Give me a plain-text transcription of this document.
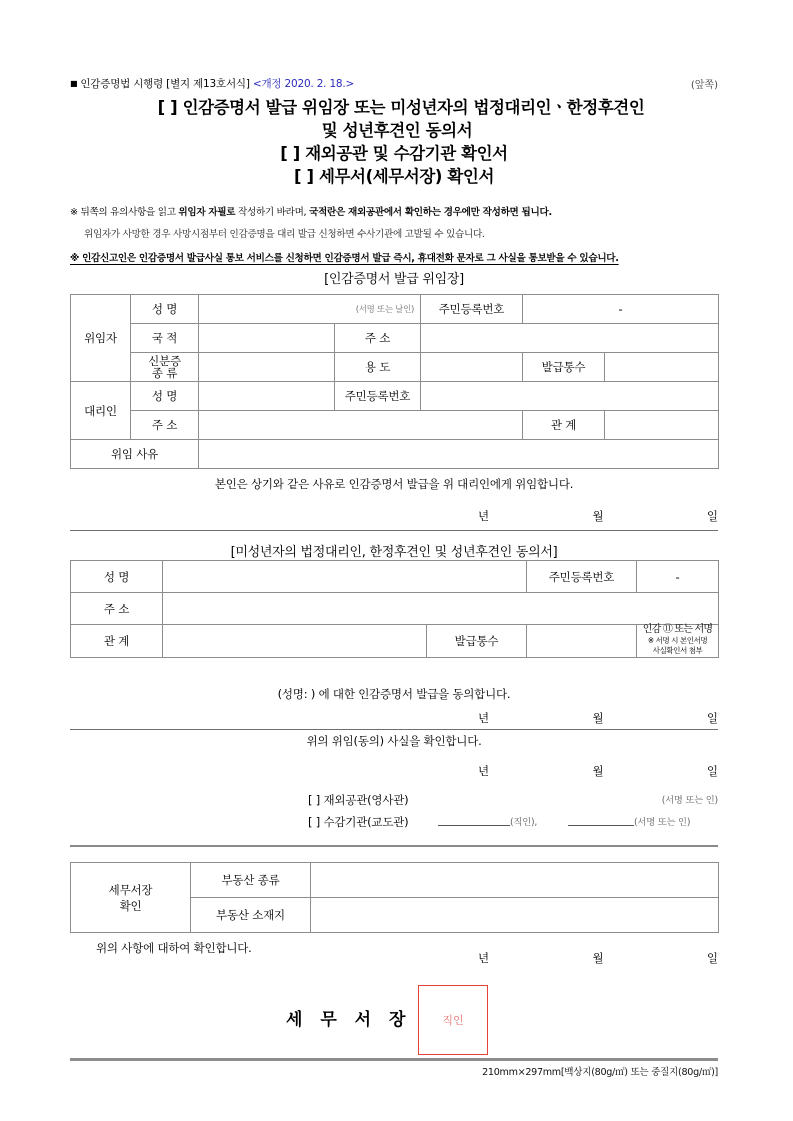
■ 인감증명법 시행령 [별지 제13호서식] <개정 2020. 2. 18.>	(앞쪽)
[ ] 인감증명서 발급 위임장 또는 미성년자의 법정대리인ㆍ한정후견인
및 성년후견인 동의서
[ ] 재외공관 및 수감기관 확인서
[ ] 세무서(세무서장) 확인서
※ 뒤쪽의 유의사항을 읽고 위임자 자필로 작성하기 바라며, 국적란은 재외공관에서 확인하는 경우에만 작성하면 됩니다.
위임자가 사망한 경우 사망시점부터 인감증명을 대리 발급 신청하면 수사기관에 고발될 수 있습니다.
※ 인감신고인은 인감증명서 발급사실 통보 서비스를 신청하면 인감증명서 발급 즉시, 휴대전화 문자로 그 사실을 통보받을 수 있습니다.
[인감증명서 발급 위임장]
위임자	성 명	(서명 또는 날인)		주민등록번호	-	
	국 적		주 소			
	신분증
종 류		용 도		발급통수	
대리인	성 명		주민등록번호			
	주 소				관 계	
위임 사유						
본인은 상기와 같은 사유로 인감증명서 발급을 위 대리인에게 위임합니다.
년	월	일
[미성년자의 법정대리인, 한정후견인 및 성년후견인 동의서]
성 명			주민등록번호	-
주 소				
관 계		발급통수		인감 ⑪ 또는 서명
※ 서명 시 본인서명
사실확인서 첨부
(성명: ) 에 대한 인감증명서 발급을 동의합니다.
년	월	일
위의 위임(동의) 사실을 확인합니다.
년	월	일
[ ] 재외공관(영사관)	(서명 또는 인)
[ ] 수감기관(교도관)	(직인),	(서명 또는 인)
세무서장
확인	부동산 종류	
	부동산 소재지	
위의 사항에 대하여 확인합니다.
년	월	일
세 무 서 장	직인
210mm×297mm[백상지(80g/㎡) 또는 중질지(80g/㎡)]
